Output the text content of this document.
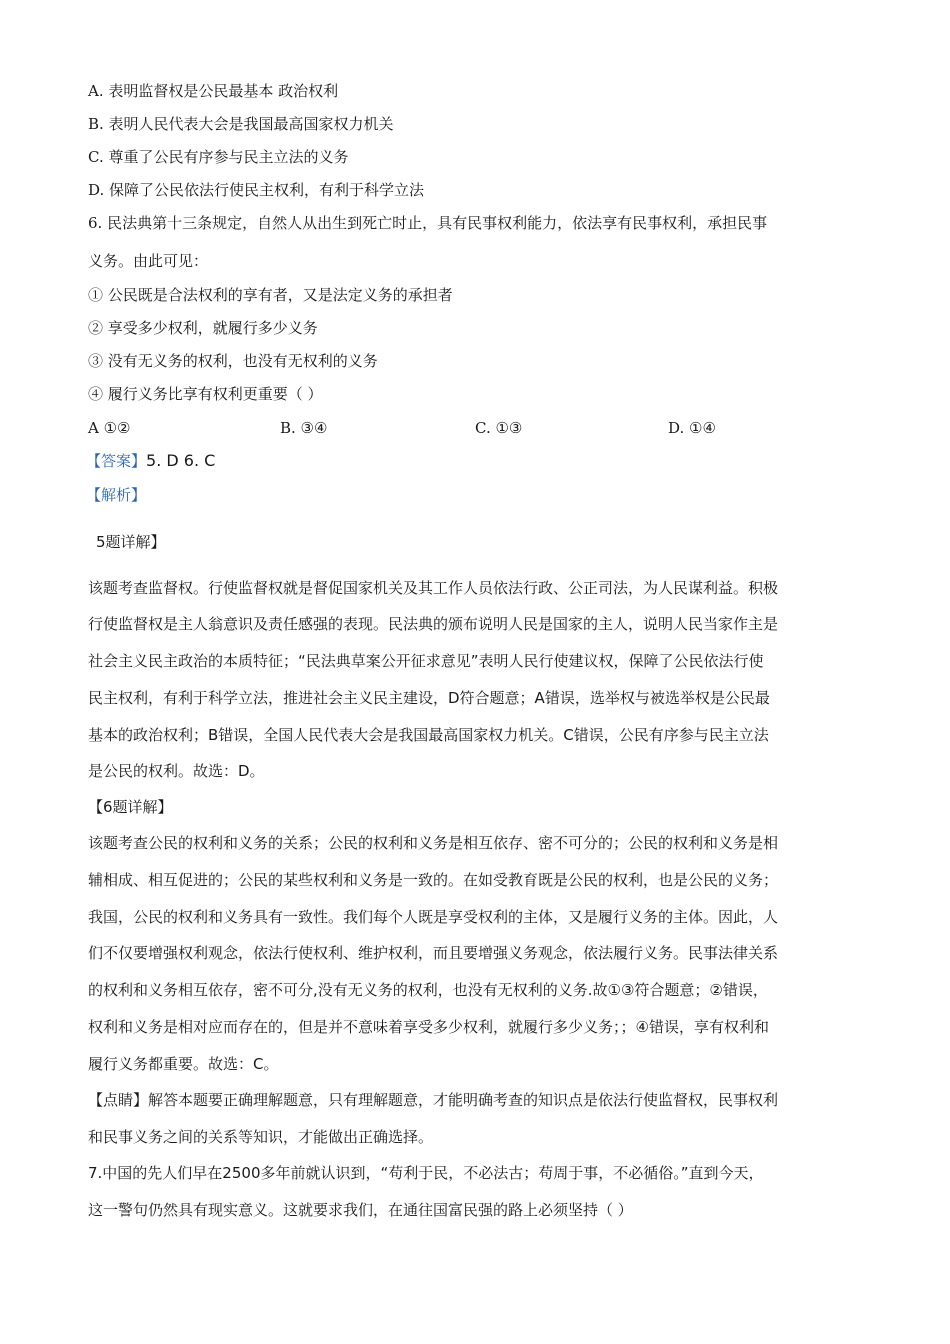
A. 表明监督权是公民最基本 政治权利
B. 表明人民代表大会是我国最高国家权力机关
C. 尊重了公民有序参与民主立法的义务
D. 保障了公民依法行使民主权利，有利于科学立法
6. 民法典第十三条规定，自然人从出生到死亡时止，具有民事权利能力，依法享有民事权利，承担民事
义务。由此可见：
① 公民既是合法权利的享有者，又是法定义务的承担者
② 享受多少权利，就履行多少义务
③ 没有无义务的权利，也没有无权利的义务
④ 履行义务比享有权利更重要（ ）
A ①②	B. ③④	C. ①③	D. ①④
【答案】5. D 6. C
【解析】
5题详解】
该题考查监督权。行使监督权就是督促国家机关及其工作人员依法行政、公正司法，为人民谋利益。积极
行使监督权是主人翁意识及责任感强的表现。民法典的颁布说明人民是国家的主人，说明人民当家作主是
社会主义民主政治的本质特征；“民法典草案公开征求意见”表明人民行使建议权，保障了公民依法行使
民主权利，有利于科学立法，推进社会主义民主建设，D符合题意；A错误，选举权与被选举权是公民最
基本的政治权利；B错误，全国人民代表大会是我国最高国家权力机关。C错误，公民有序参与民主立法
是公民的权利。故选：D。
【6题详解】
该题考查公民的权利和义务的关系；公民的权利和义务是相互依存、密不可分的；公民的权利和义务是相
辅相成、相互促进的；公民的某些权利和义务是一致的。在如受教育既是公民的权利，也是公民的义务；
我国，公民的权利和义务具有一致性。我们每个人既是享受权利的主体，又是履行义务的主体。因此，人
们不仅要增强权利观念，依法行使权利、维护权利，而且要增强义务观念，依法履行义务。民事法律关系
的权利和义务相互依存，密不可分,没有无义务的权利，也没有无权利的义务.故①③符合题意；②错误，
权利和义务是相对应而存在的，但是并不意味着享受多少权利，就履行多少义务；；④错误，享有权利和
履行义务都重要。故选：C。
【点睛】解答本题要正确理解题意，只有理解题意，才能明确考查的知识点是依法行使监督权，民事权利
和民事义务之间的关系等知识，才能做出正确选择。
7.中国的先人们早在2500多年前就认识到，“苟利于民，不必法古；苟周于事，不必循俗。”直到今天，
这一警句仍然具有现实意义。这就要求我们，在通往国富民强的路上必须坚持（ ）
